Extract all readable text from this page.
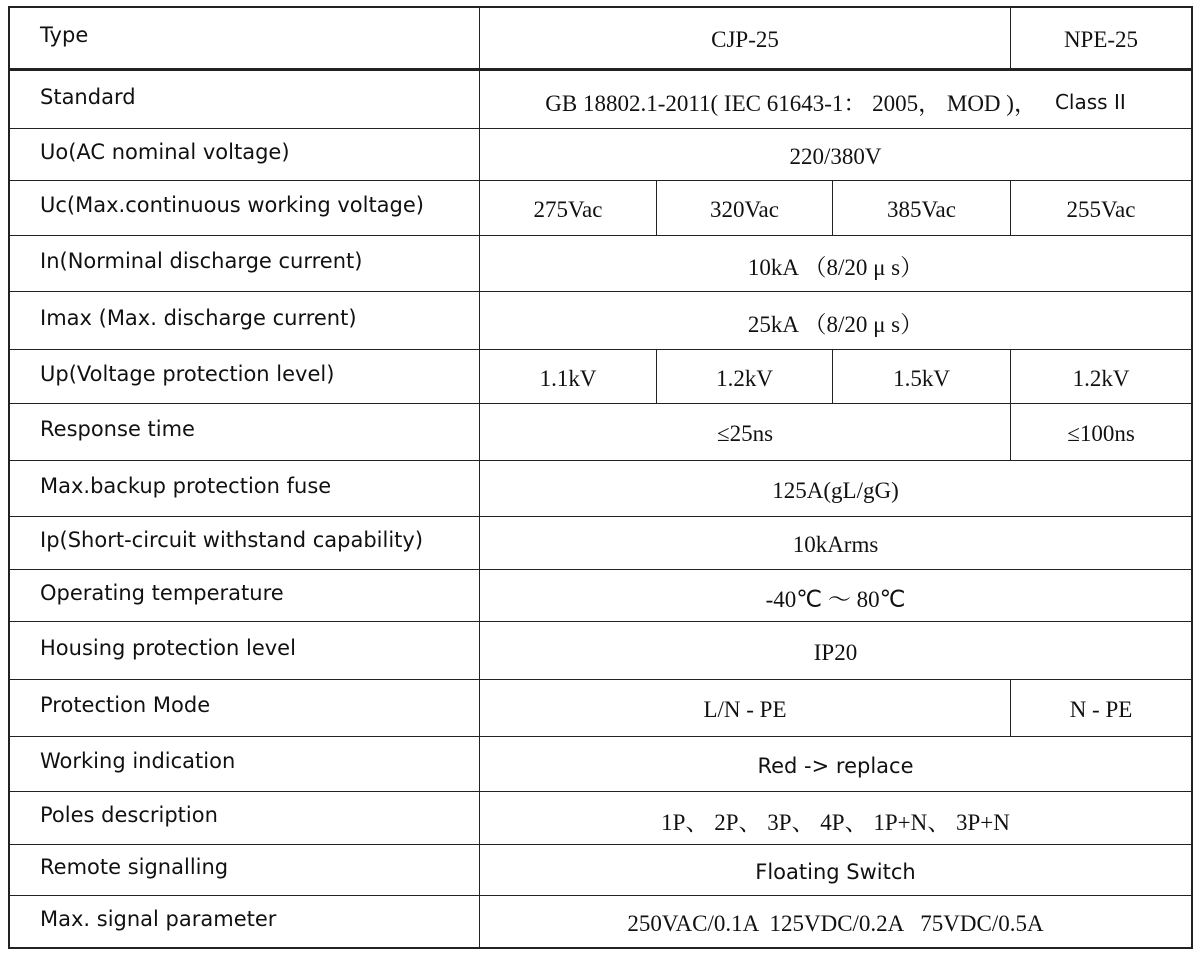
Type	CJP-25	NPE-25
Standard	GB 18802.1-2011( IEC 61643-1： 2005， MOD )， Class II
Uo(AC nominal voltage)	220/380V
Uc(Max.continuous working voltage)	275Vac	320Vac	385Vac	255Vac
In(Norminal discharge current)	10kA （8/20 μ s）
Imax (Max. discharge current)	25kA （8/20 μ s）
Up(Voltage protection level)	1.1kV	1.2kV	1.5kV	1.2kV
Response time	≤25ns	≤100ns
Max.backup protection fuse	125A(gL/gG)
Ip(Short-circuit withstand capability)	10kArms
Operating temperature	-40℃ ～ 80℃
Housing protection level	IP20
Protection Mode	L/N - PE	N - PE
Working indication	Red -> replace
Poles description	1P、 2P、 3P、 4P、 1P+N、 3P+N
Remote signalling	Floating Switch
Max. signal parameter	250VAC/0.1A  125VDC/0.2A   75VDC/0.5A
